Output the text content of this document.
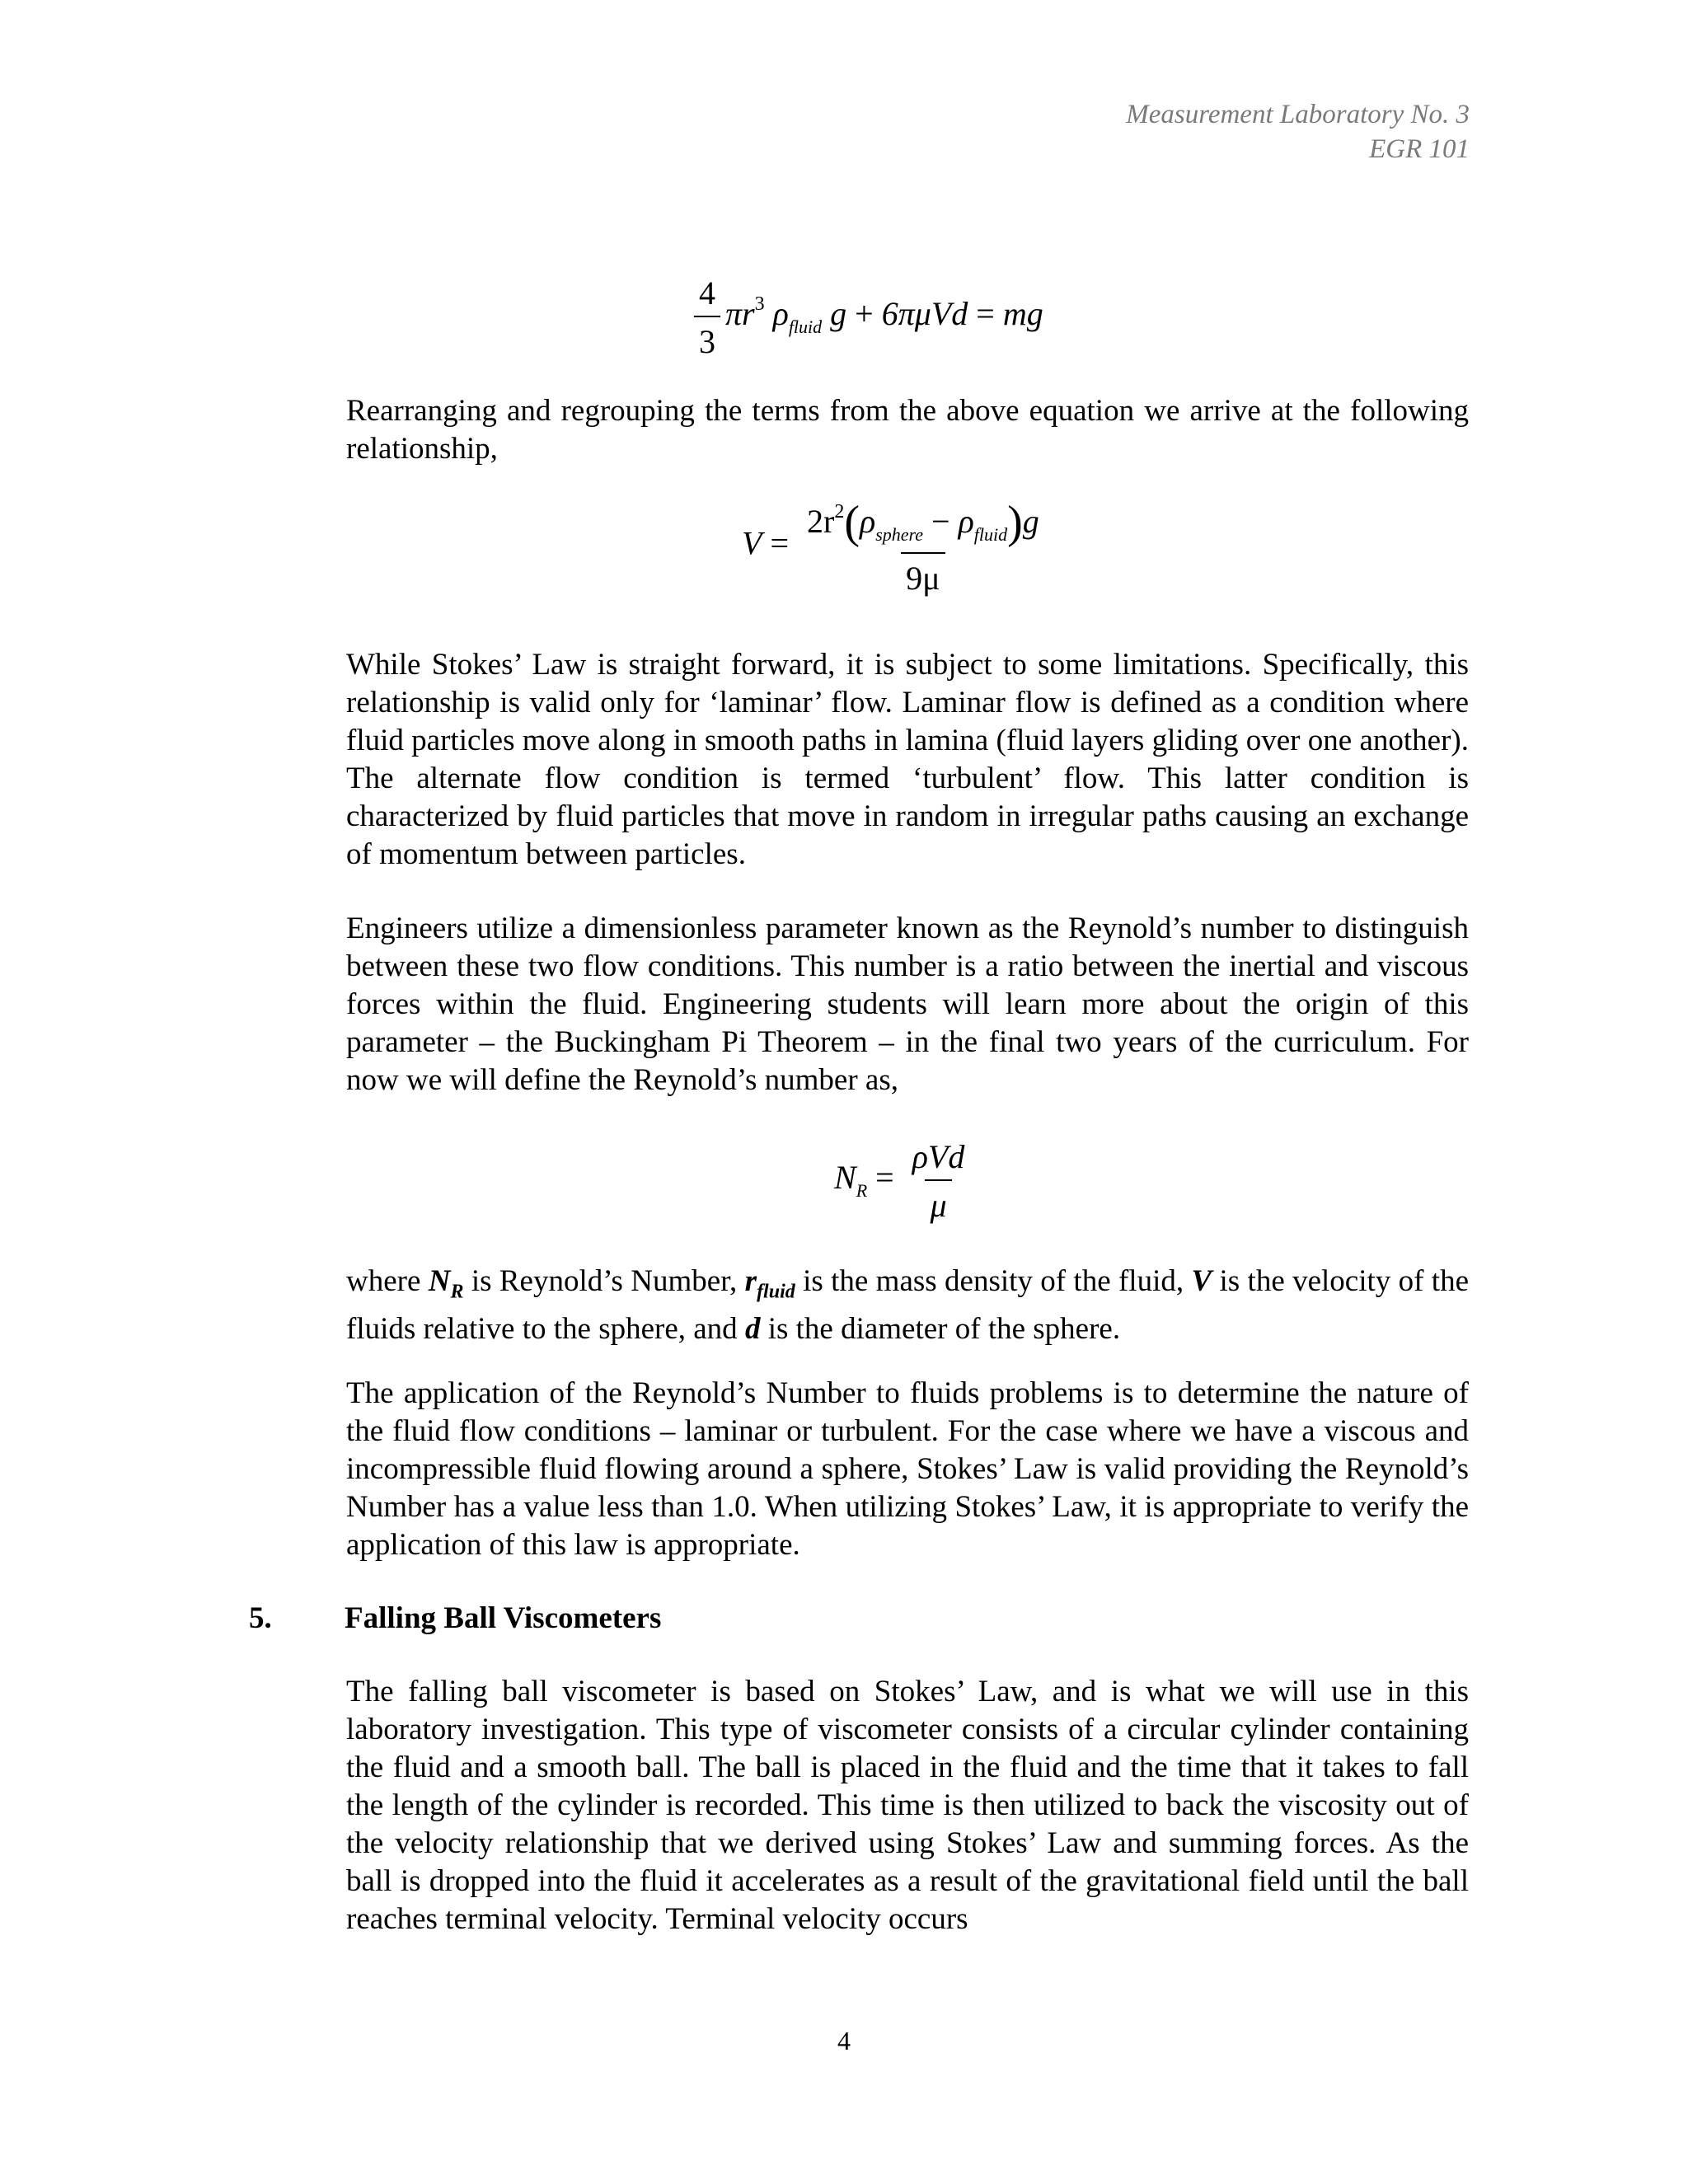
Measurement Laboratory No. 3
EGR 101
$\frac{4}{3} \pi r^3$ $\rho_{fluid}$ g + 6πμVd = mg
Rearranging and regrouping the terms from the above equation we arrive at the following relationship,
$V = \frac{2r^2(\rho_{sphere} - \rho_{fluid})g}{9\mu}$
While Stokes’ Law is straight forward, it is subject to some limitations. Specifically, this relationship is valid only for ‘laminar’ flow. Laminar flow is defined as a condition where fluid particles move along in smooth paths in lamina (fluid layers gliding over one another). The alternate flow condition is termed ‘turbulent’ flow. This latter condition is characterized by fluid particles that move in random in irregular paths causing an exchange of momentum between particles.
Engineers utilize a dimensionless parameter known as the Reynold’s number to distinguish between these two flow conditions. This number is a ratio between the inertial and viscous forces within the fluid. Engineering students will learn more about the origin of this parameter – the Buckingham Pi Theorem – in the final two years of the curriculum. For now we will define the Reynold’s number as,
$N_R = \frac{\text{ρVd}}{\mu}$
where $N_R$ is Reynold’s Number, $r_{fluid}$ is the mass density of the fluid, V is the velocity of the fluids relative to the sphere, and d is the diameter of the sphere.
The application of the Reynold’s Number to fluids problems is to determine the nature of the fluid flow conditions – laminar or turbulent. For the case where we have a viscous and incompressible fluid flowing around a sphere, Stokes’ Law is valid providing the Reynold’s Number has a value less than 1.0. When utilizing Stokes’ Law, it is appropriate to verify the application of this law is appropriate.
5. Falling Ball Viscometers
The falling ball viscometer is based on Stokes’ Law, and is what we will use in this laboratory investigation. This type of viscometer consists of a circular cylinder containing the fluid and a smooth ball. The ball is placed in the fluid and the time that it takes to fall the length of the cylinder is recorded. This time is then utilized to back the viscosity out of the velocity relationship that we derived using Stokes’ Law and summing forces. As the ball is dropped into the fluid it accelerates as a result of the gravitational field until the ball reaches terminal velocity. Terminal velocity occurs
4
